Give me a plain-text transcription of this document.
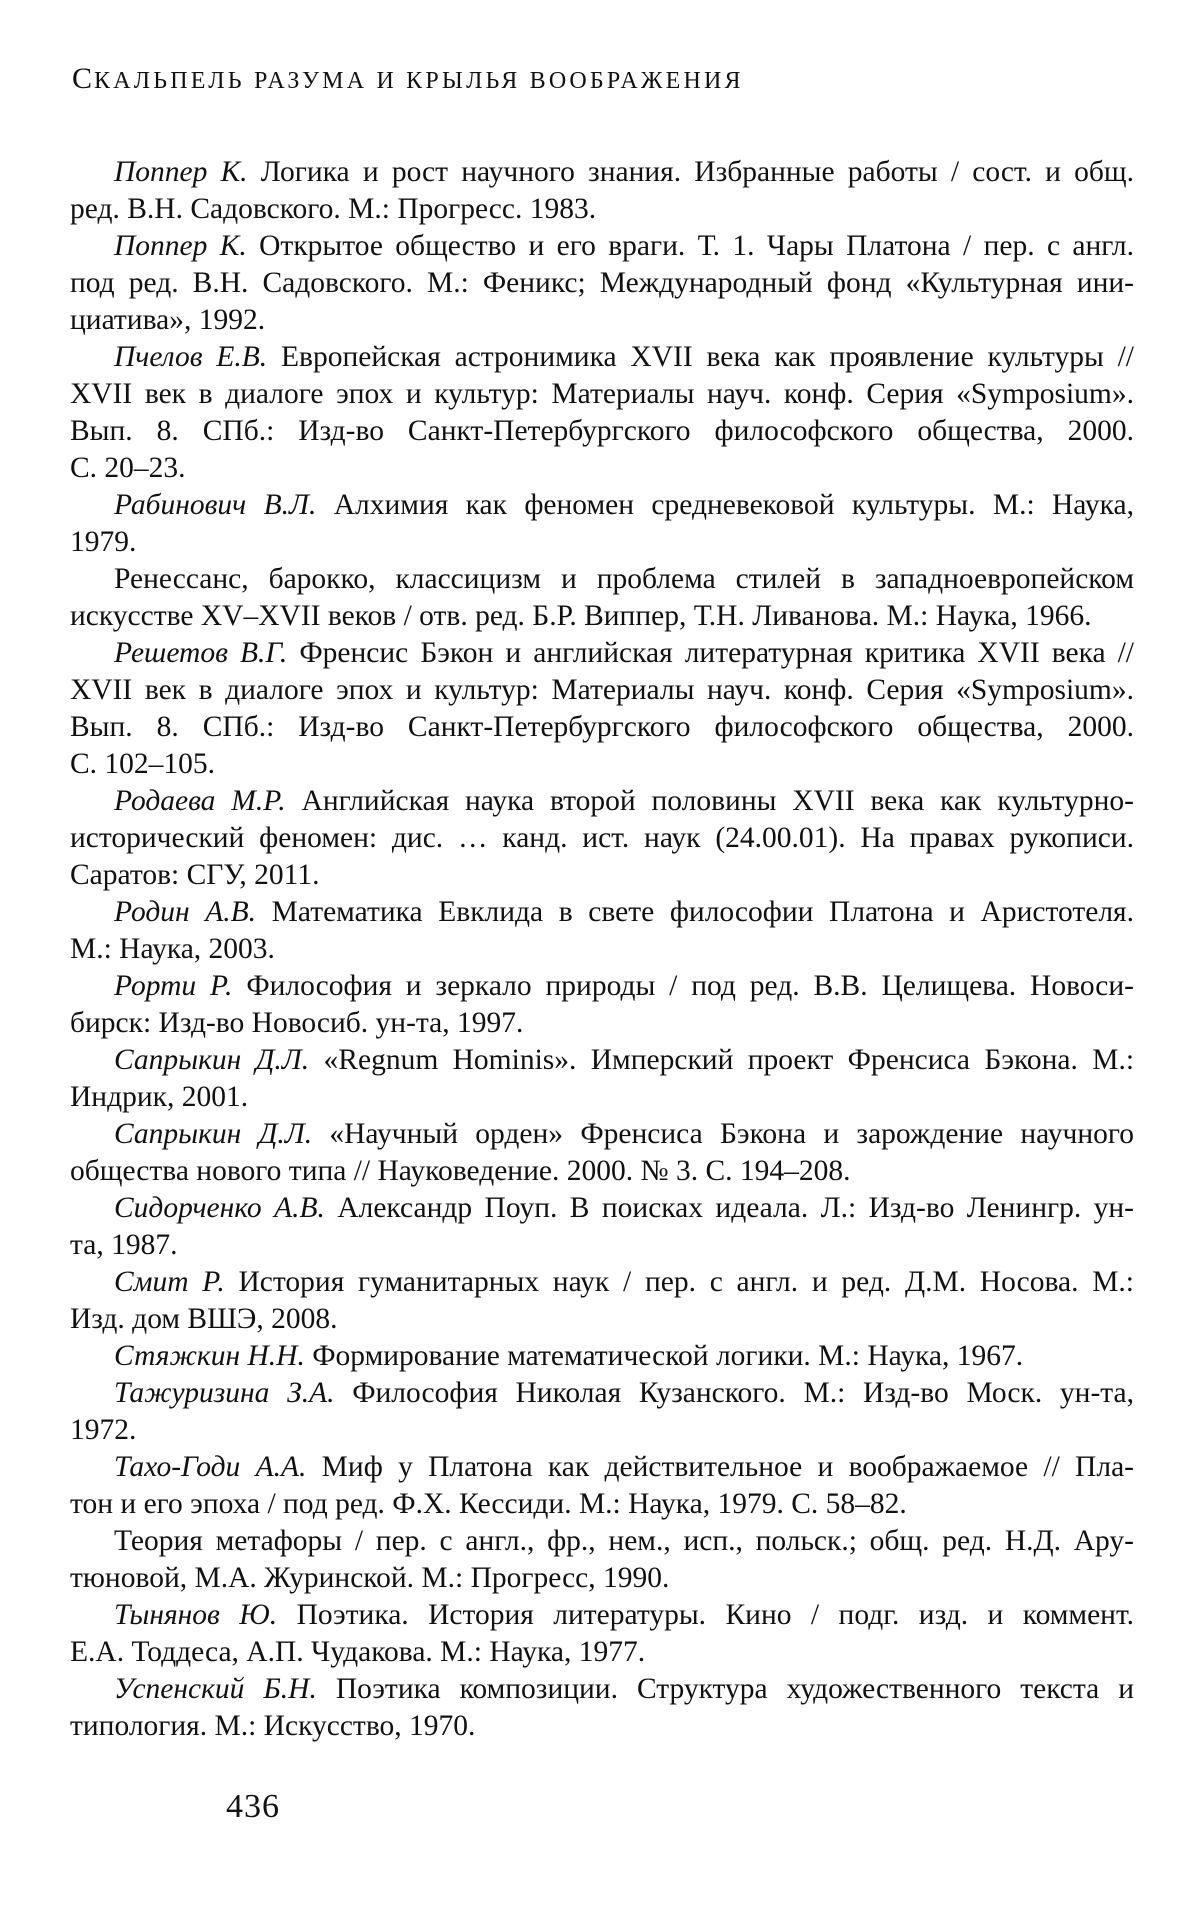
СКАЛЬПЕЛЬ РАЗУМА И КРЫЛЬЯ ВООБРАЖЕНИЯ
Поппер К. Логика и рост научного знания. Избранные работы / сост. и общ.
ред. В.Н. Садовского. М.: Прогресс. 1983.
Поппер К. Открытое общество и его враги. Т. 1. Чары Платона / пер. с англ.
под ред. В.Н. Садовского. М.: Феникс; Международный фонд «Культурная ини-
циатива», 1992.
Пчелов Е.В. Европейская астронимика XVII века как проявление культуры //
XVII век в диалоге эпох и культур: Материалы науч. конф. Серия «Symposium».
Вып. 8. СПб.: Изд-во Санкт-Петербургского философского общества, 2000.
С. 20–23.
Рабинович В.Л. Алхимия как феномен средневековой культуры. М.: Наука,
1979.
Ренессанс, барокко, классицизм и проблема стилей в западноевропейском
искусстве XV–XVII веков / отв. ред. Б.Р. Виппер, Т.Н. Ливанова. М.: Наука, 1966.
Решетов В.Г. Френсис Бэкон и английская литературная критика XVII века //
XVII век в диалоге эпох и культур: Материалы науч. конф. Серия «Symposium».
Вып. 8. СПб.: Изд-во Санкт-Петербургского философского общества, 2000.
С. 102–105.
Родаева М.Р. Английская наука второй половины XVII века как культурно-
исторический феномен: дис. … канд. ист. наук (24.00.01). На правах рукописи.
Саратов: СГУ, 2011.
Родин А.В. Математика Евклида в свете философии Платона и Аристотеля.
М.: Наука, 2003.
Рорти Р. Философия и зеркало природы / под ред. В.В. Целищева. Новоси-
бирск: Изд-во Новосиб. ун-та, 1997.
Сапрыкин Д.Л. «Regnum Hominis». Имперский проект Френсиса Бэкона. М.:
Индрик, 2001.
Сапрыкин Д.Л. «Научный орден» Френсиса Бэкона и зарождение научного
общества нового типа // Науковедение. 2000. № 3. С. 194–208.
Сидорченко А.В. Александр Поуп. В поисках идеала. Л.: Изд-во Ленингр. ун-
та, 1987.
Смит Р. История гуманитарных наук / пер. с англ. и ред. Д.М. Носова. М.:
Изд. дом ВШЭ, 2008.
Стяжкин Н.Н. Формирование математической логики. М.: Наука, 1967.
Тажуризина З.А. Философия Николая Кузанского. М.: Изд-во Моск. ун-та,
1972.
Тахо-Годи А.А. Миф у Платона как действительное и воображаемое // Пла-
тон и его эпоха / под ред. Ф.Х. Кессиди. М.: Наука, 1979. С. 58–82.
Теория метафоры / пер. с англ., фр., нем., исп., польск.; общ. ред. Н.Д. Ару-
тюновой, М.А. Журинской. М.: Прогресс, 1990.
Тынянов Ю. Поэтика. История литературы. Кино / подг. изд. и коммент.
Е.А. Тоддеса, А.П. Чудакова. М.: Наука, 1977.
Успенский Б.Н. Поэтика композиции. Структура художественного текста и
типология. М.: Искусство, 1970.
436
